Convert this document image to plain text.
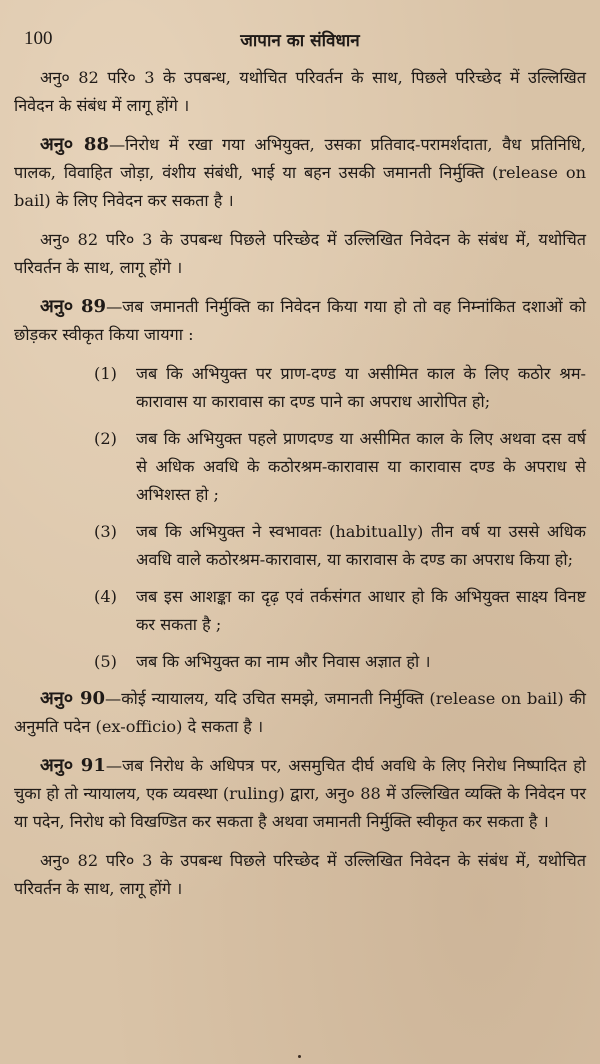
100	जापान का संविधान

अनु० 82 परि० 3 के उपबन्ध, यथोचित परिवर्तन के साथ, पिछले परिच्छेद में उल्लिखित निवेदन के संबंध में लागू होंगे ।

अनु० 88—निरोध में रखा गया अभियुक्त, उसका प्रतिवाद-परामर्शदाता, वैध प्रतिनिधि, पालक, विवाहित जोड़ा, वंशीय संबंधी, भाई या बहन उसकी जमानती निर्मुक्ति (release on bail) के लिए निवेदन कर सकता है ।

अनु० 82 परि० 3 के उपबन्ध पिछले परिच्छेद में उल्लिखित निवेदन के संबंध में, यथोचित परिवर्तन के साथ, लागू होंगे ।

अनु० 89—जब जमानती निर्मुक्ति का निवेदन किया गया हो तो वह निम्नांकित दशाओं को छोड़कर स्वीकृत किया जायगा :

(1)	जब कि अभियुक्त पर प्राण-दण्ड या असीमित काल के लिए कठोर श्रम-कारावास या कारावास का दण्ड पाने का अपराध आरोपित हो;
(2)	जब कि अभियुक्त पहले प्राणदण्ड या असीमित काल के लिए अथवा दस वर्ष से अधिक अवधि के कठोरश्रम-कारावास या कारावास दण्ड के अपराध से अभिशस्त हो ;
(3)	जब कि अभियुक्त ने स्वभावतः (habitually) तीन वर्ष या उससे अधिक अवधि वाले कठोरश्रम-कारावास, या कारावास के दण्ड का अपराध किया हो;
(4)	जब इस आशङ्का का दृढ़ एवं तर्कसंगत आधार हो कि अभियुक्त साक्ष्य विनष्ट कर सकता है ;
(5)	जब कि अभियुक्त का नाम और निवास अज्ञात हो ।

अनु० 90—कोई न्यायालय, यदि उचित समझे, जमानती निर्मुक्ति (release on bail) की अनुमति पदेन (ex-officio) दे सकता है ।

अनु० 91—जब निरोध के अधिपत्र पर, असमुचित दीर्घ अवधि के लिए निरोध निष्पादित हो चुका हो तो न्यायालय, एक व्यवस्था (ruling) द्वारा, अनु० 88 में उल्लिखित व्यक्ति के निवेदन पर या पदेन, निरोध को विखण्डित कर सकता है अथवा जमानती निर्मुक्ति स्वीकृत कर सकता है ।

अनु० 82 परि० 3 के उपबन्ध पिछले परिच्छेद में उल्लिखित निवेदन के संबंध में, यथोचित परिवर्तन के साथ, लागू होंगे ।
